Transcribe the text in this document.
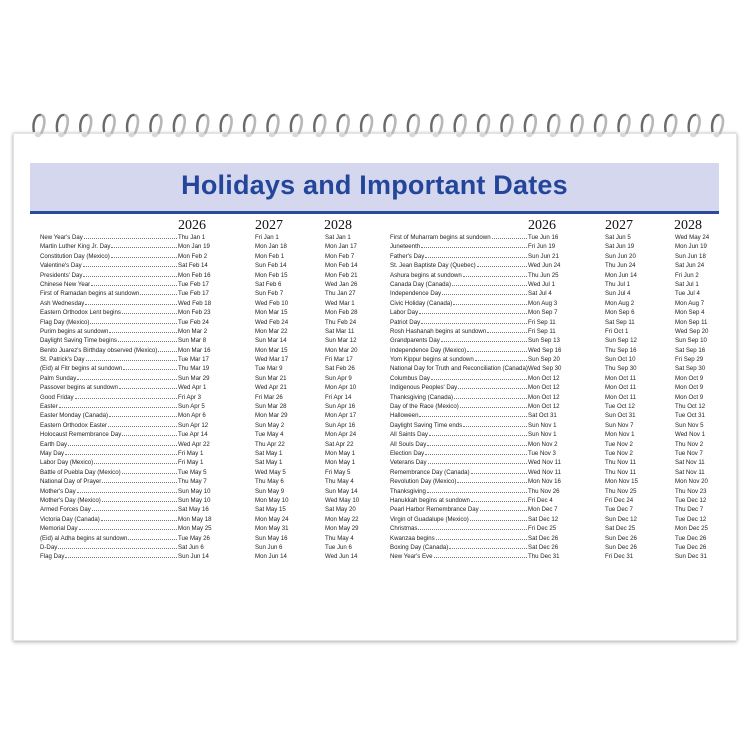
Holidays and Important Dates
2026	2027	2028
New Year's Day	Thu Jan 1	Fri Jan 1	Sat Jan 1
Martin Luther King Jr. Day	Mon Jan 19	Mon Jan 18	Mon Jan 17
Constitution Day (Mexico)	Mon Feb 2	Mon Feb 1	Mon Feb 7
Valentine's Day	Sat Feb 14	Sun Feb 14	Mon Feb 14
Presidents' Day	Mon Feb 16	Mon Feb 15	Mon Feb 21
Chinese New Year	Tue Feb 17	Sat Feb 6	Wed Jan 26
First of Ramadan begins at sundown	Tue Feb 17	Sun Feb 7	Thu Jan 27
Ash Wednesday	Wed Feb 18	Wed Feb 10	Wed Mar 1
Eastern Orthodox Lent begins	Mon Feb 23	Mon Mar 15	Mon Feb 28
Flag Day (Mexico)	Tue Feb 24	Wed Feb 24	Thu Feb 24
Purim begins at sundown	Mon Mar 2	Mon Mar 22	Sat Mar 11
Daylight Saving Time begins	Sun Mar 8	Sun Mar 14	Sun Mar 12
Benito Juarez's Birthday observed (Mexico)	Mon Mar 16	Mon Mar 15	Mon Mar 20
St. Patrick's Day	Tue Mar 17	Wed Mar 17	Fri Mar 17
(Eid) al Fitr begins at sundown	Thu Mar 19	Tue Mar 9	Sat Feb 26
Palm Sunday	Sun Mar 29	Sun Mar 21	Sun Apr 9
Passover begins at sundown	Wed Apr 1	Wed Apr 21	Mon Apr 10
Good Friday	Fri Apr 3	Fri Mar 26	Fri Apr 14
Easter	Sun Apr 5	Sun Mar 28	Sun Apr 16
Easter Monday (Canada)	Mon Apr 6	Mon Mar 29	Mon Apr 17
Eastern Orthodox Easter	Sun Apr 12	Sun May 2	Sun Apr 16
Holocaust Remembrance Day	Tue Apr 14	Tue May 4	Mon Apr 24
Earth Day	Wed Apr 22	Thu Apr 22	Sat Apr 22
May Day	Fri May 1	Sat May 1	Mon May 1
Labor Day (Mexico)	Fri May 1	Sat May 1	Mon May 1
Battle of Puebla Day (Mexico)	Tue May 5	Wed May 5	Fri May 5
National Day of Prayer	Thu May 7	Thu May 6	Thu May 4
Mother's Day	Sun May 10	Sun May 9	Sun May 14
Mother's Day (Mexico)	Sun May 10	Mon May 10	Wed May 10
Armed Forces Day	Sat May 16	Sat May 15	Sat May 20
Victoria Day (Canada)	Mon May 18	Mon May 24	Mon May 22
Memorial Day	Mon May 25	Mon May 31	Mon May 29
(Eid) al Adha begins at sundown	Tue May 26	Sun May 16	Thu May 4
D-Day	Sat Jun 6	Sun Jun 6	Tue Jun 6
Flag Day	Sun Jun 14	Mon Jun 14	Wed Jun 14
2026	2027	2028
First of Muharram begins at sundown	Tue Jun 16	Sat Jun 5	Wed May 24
Juneteenth	Fri Jun 19	Sat Jun 19	Mon Jun 19
Father's Day	Sun Jun 21	Sun Jun 20	Sun Jun 18
St. Jean Baptiste Day (Quebec)	Wed Jun 24	Thu Jun 24	Sat Jun 24
Ashura begins at sundown	Thu Jun 25	Mon Jun 14	Fri Jun 2
Canada Day (Canada)	Wed Jul 1	Thu Jul 1	Sat Jul 1
Independence Day	Sat Jul 4	Sun Jul 4	Tue Jul 4
Civic Holiday (Canada)	Mon Aug 3	Mon Aug 2	Mon Aug 7
Labor Day	Mon Sep 7	Mon Sep 6	Mon Sep 4
Patriot Day	Fri Sep 11	Sat Sep 11	Mon Sep 11
Rosh Hashanah begins at sundown	Fri Sep 11	Fri Oct 1	Wed Sep 20
Grandparents Day	Sun Sep 13	Sun Sep 12	Sun Sep 10
Independence Day (Mexico)	Wed Sep 16	Thu Sep 16	Sat Sep 16
Yom Kippur begins at sundown	Sun Sep 20	Sun Oct 10	Fri Sep 29
National Day for Truth and Reconciliation (Canada) Wed Sep 30	Thu Sep 30	Sat Sep 30
Columbus Day	Mon Oct 12	Mon Oct 11	Mon Oct 9
Indigenous Peoples' Day	Mon Oct 12	Mon Oct 11	Mon Oct 9
Thanksgiving (Canada)	Mon Oct 12	Mon Oct 11	Mon Oct 9
Day of the Race (Mexico)	Mon Oct 12	Tue Oct 12	Thu Oct 12
Halloween	Sat Oct 31	Sun Oct 31	Tue Oct 31
Daylight Saving Time ends	Sun Nov 1	Sun Nov 7	Sun Nov 5
All Saints Day	Sun Nov 1	Mon Nov 1	Wed Nov 1
All Souls Day	Mon Nov 2	Tue Nov 2	Thu Nov 2
Election Day	Tue Nov 3	Tue Nov 2	Tue Nov 7
Veterans Day	Wed Nov 11	Thu Nov 11	Sat Nov 11
Remembrance Day (Canada)	Wed Nov 11	Thu Nov 11	Sat Nov 11
Revolution Day (Mexico)	Mon Nov 16	Mon Nov 15	Mon Nov 20
Thanksgiving	Thu Nov 26	Thu Nov 25	Thu Nov 23
Hanukkah begins at sundown	Fri Dec 4	Fri Dec 24	Tue Dec 12
Pearl Harbor Remembrance Day	Mon Dec 7	Tue Dec 7	Thu Dec 7
Virgin of Guadalupe (Mexico)	Sat Dec 12	Sun Dec 12	Tue Dec 12
Christmas	Fri Dec 25	Sat Dec 25	Mon Dec 25
Kwanzaa begins	Sat Dec 26	Sun Dec 26	Tue Dec 26
Boxing Day (Canada)	Sat Dec 26	Sun Dec 26	Tue Dec 26
New Year's Eve	Thu Dec 31	Fri Dec 31	Sun Dec 31
